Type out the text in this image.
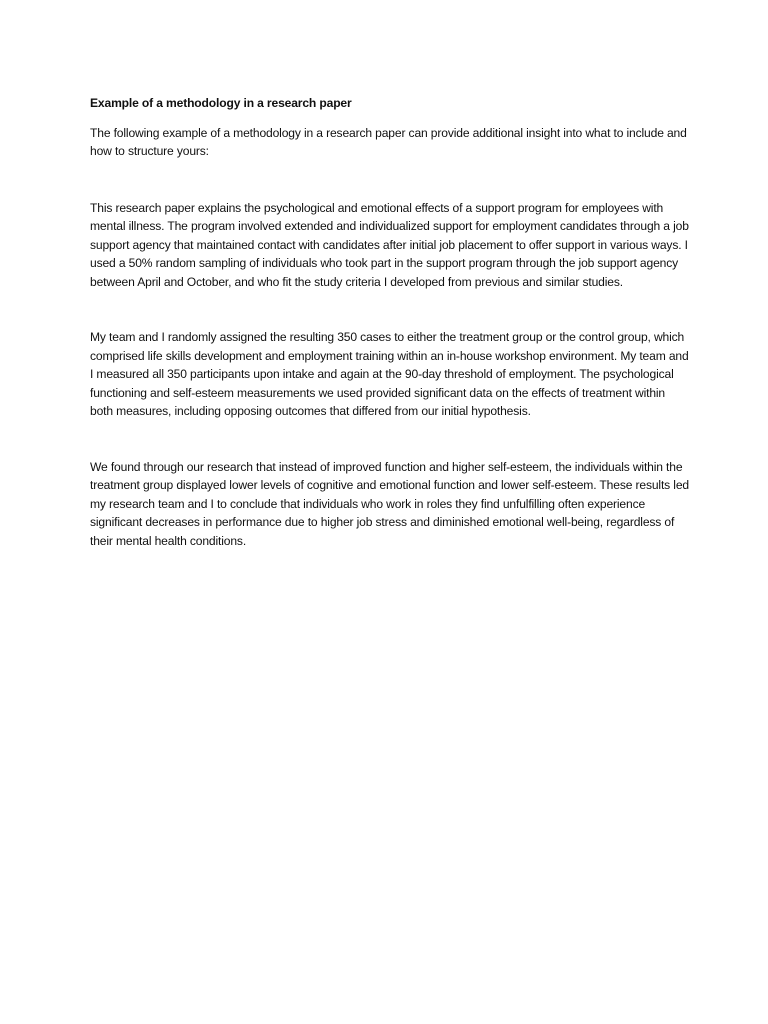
Example of a methodology in a research paper

The following example of a methodology in a research paper can provide additional insight into what to include and how to structure yours:

This research paper explains the psychological and emotional effects of a support program for employees with mental illness. The program involved extended and individualized support for employment candidates through a job support agency that maintained contact with candidates after initial job placement to offer support in various ways. I used a 50% random sampling of individuals who took part in the support program through the job support agency between April and October, and who fit the study criteria I developed from previous and similar studies.

My team and I randomly assigned the resulting 350 cases to either the treatment group or the control group, which comprised life skills development and employment training within an in-house workshop environment. My team and I measured all 350 participants upon intake and again at the 90-day threshold of employment. The psychological functioning and self-esteem measurements we used provided significant data on the effects of treatment within both measures, including opposing outcomes that differed from our initial hypothesis.

We found through our research that instead of improved function and higher self-esteem, the individuals within the treatment group displayed lower levels of cognitive and emotional function and lower self-esteem. These results led my research team and I to conclude that individuals who work in roles they find unfulfilling often experience significant decreases in performance due to higher job stress and diminished emotional well-being, regardless of their mental health conditions.
